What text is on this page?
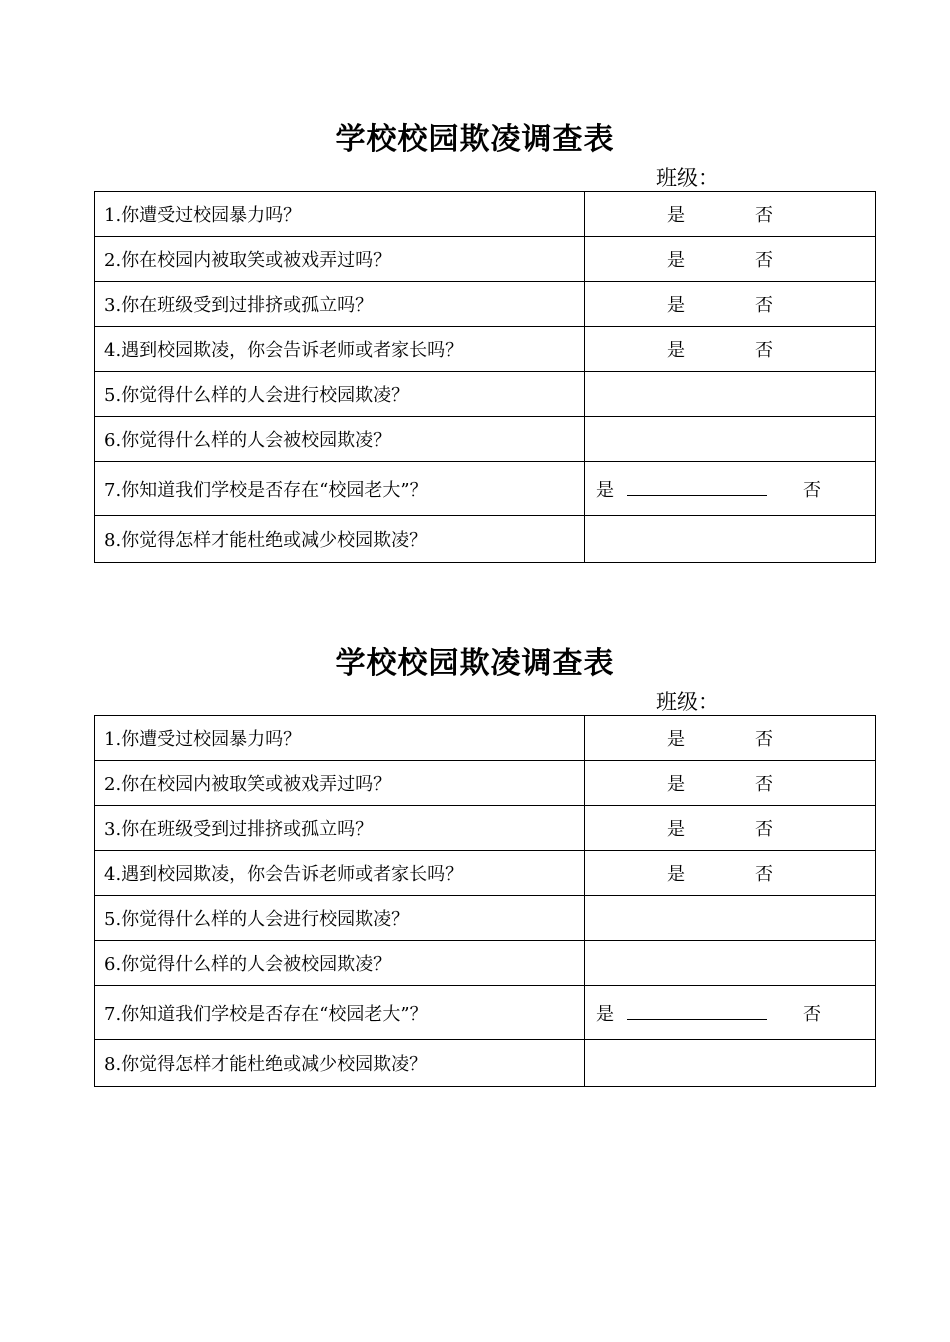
学校校园欺凌调查表
班级：
1.你遭受过校园暴力吗？	是 否

2.你在校园内被取笑或被戏弄过吗？	是 否

3.你在班级受到过排挤或孤立吗？	是 否

4.遇到校园欺凌，你会告诉老师或者家长吗？	是 否

5.你觉得什么样的人会进行校园欺凌？	
6.你觉得什么样的人会被校园欺凌？	
7.你知道我们学校是否存在“校园老大”？	是 否

8.你觉得怎样才能杜绝或减少校园欺凌？	
学校校园欺凌调查表
班级：
1.你遭受过校园暴力吗？	是 否

2.你在校园内被取笑或被戏弄过吗？	是 否

3.你在班级受到过排挤或孤立吗？	是 否

4.遇到校园欺凌，你会告诉老师或者家长吗？	是 否

5.你觉得什么样的人会进行校园欺凌？	
6.你觉得什么样的人会被校园欺凌？	
7.你知道我们学校是否存在“校园老大”？	是 否

8.你觉得怎样才能杜绝或减少校园欺凌？	
